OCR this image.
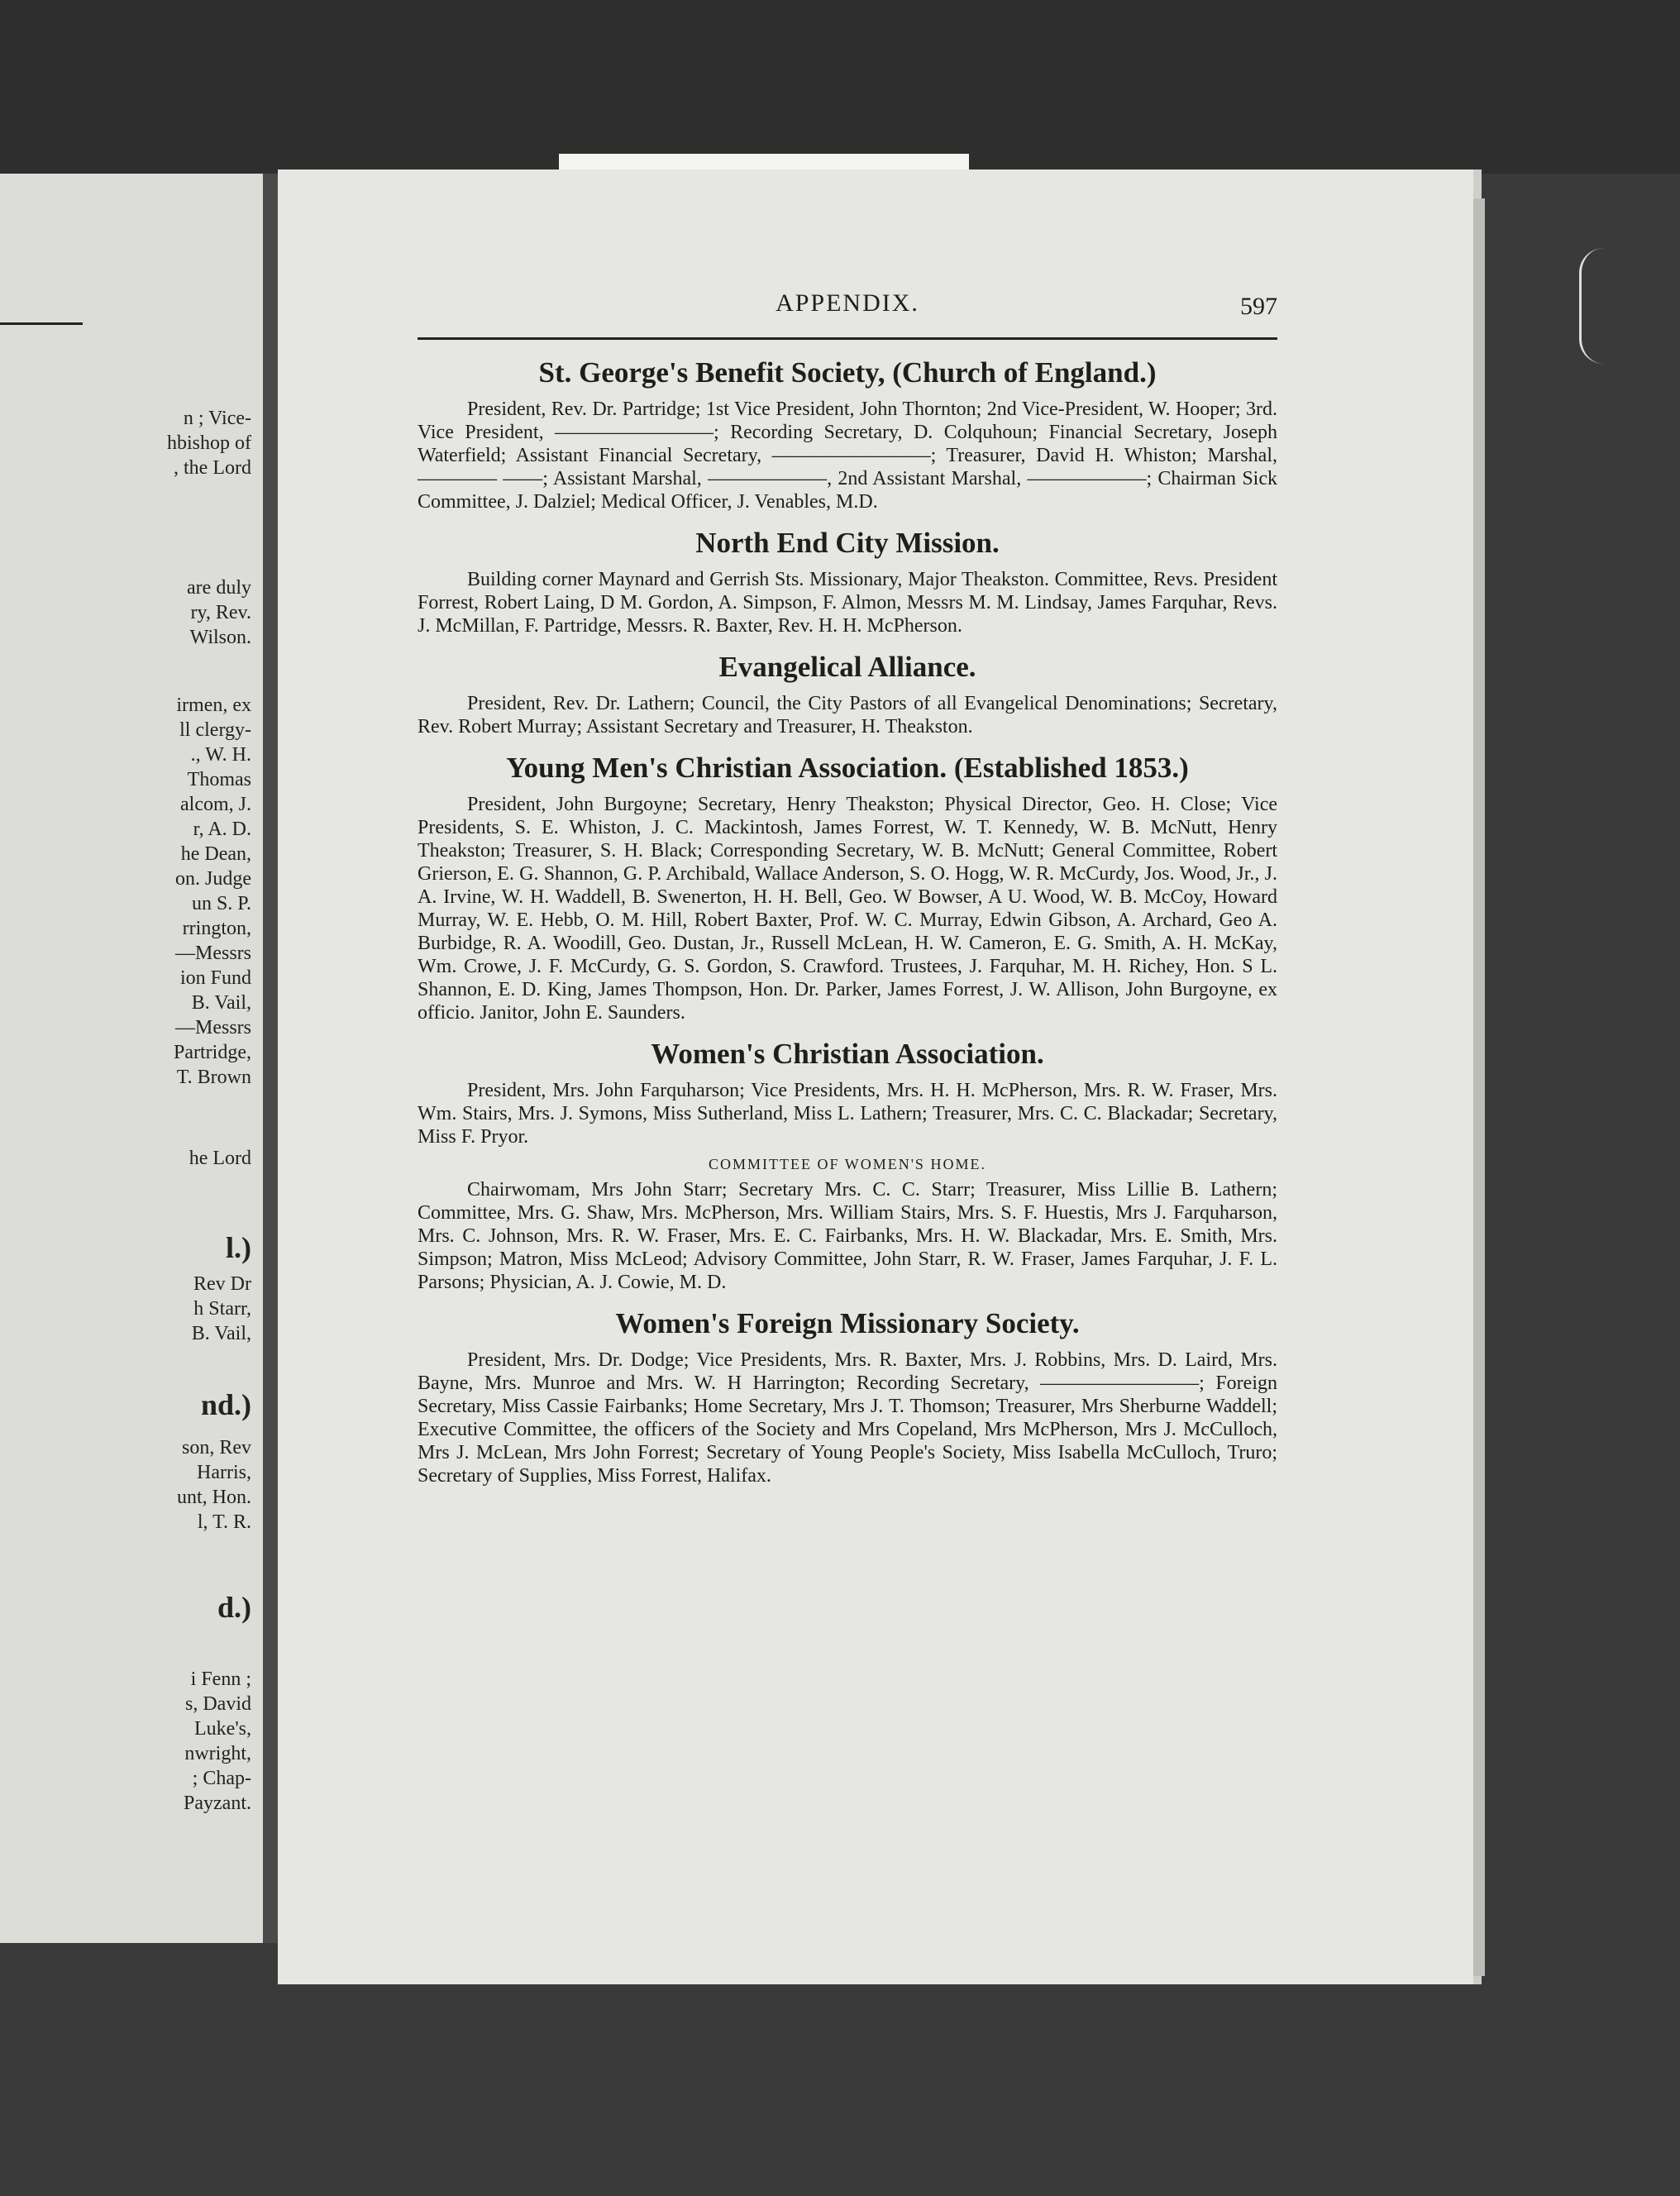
n ; Vice-
hbishop of
, the Lord
are duly
ry, Rev.
Wilson.
irmen, ex
ll clergy-
., W. H.
Thomas
alcom, J.
r, A. D.
he Dean,
on. Judge
un S. P.
rrington,
—Messrs
ion Fund
B. Vail,
—Messrs
Partridge,
T. Brown
he Lord
l.)
Rev Dr
h Starr,
B. Vail,
nd.)
son, Rev
Harris,
unt, Hon.
l, T. R.
d.)
i Fenn ;
s, David
Luke's,
nwright,
; Chap-
Payzant.
APPENDIX.	597
St. George's Benefit Society, (Church of England.)

President, Rev. Dr. Partridge; 1st Vice President, John Thornton; 2nd Vice-President, W. Hooper; 3rd. Vice President, ————————; Recording Secretary, D. Colquhoun; Financial Secretary, Joseph Waterfield; Assistant Financial Secretary, ————————; Treasurer, David H. Whiston; Marshal, ———— ——; Assistant Marshal, ——————, 2nd Assistant Marshal, ——————; Chairman Sick Committee, J. Dalziel; Medical Officer, J. Venables, M.D.

North End City Mission.

Building corner Maynard and Gerrish Sts. Missionary, Major Theakston. Committee, Revs. President Forrest, Robert Laing, D M. Gordon, A. Simpson, F. Almon, Messrs M. M. Lindsay, James Farquhar, Revs. J. McMillan, F. Partridge, Messrs. R. Baxter, Rev. H. H. McPherson.

Evangelical Alliance.

President, Rev. Dr. Lathern; Council, the City Pastors of all Evangelical Denominations; Secretary, Rev. Robert Murray; Assistant Secretary and Treasurer, H. Theakston.

Young Men's Christian Association. (Established 1853.)

President, John Burgoyne; Secretary, Henry Theakston; Physical Director, Geo. H. Close; Vice Presidents, S. E. Whiston, J. C. Mackintosh, James Forrest, W. T. Kennedy, W. B. McNutt, Henry Theakston; Treasurer, S. H. Black; Corresponding Secretary, W. B. McNutt; General Committee, Robert Grierson, E. G. Shannon, G. P. Archibald, Wallace Anderson, S. O. Hogg, W. R. McCurdy, Jos. Wood, Jr., J. A. Irvine, W. H. Waddell, B. Swenerton, H. H. Bell, Geo. W Bowser, A U. Wood, W. B. McCoy, Howard Murray, W. E. Hebb, O. M. Hill, Robert Baxter, Prof. W. C. Murray, Edwin Gibson, A. Archard, Geo A. Burbidge, R. A. Woodill, Geo. Dustan, Jr., Russell McLean, H. W. Cameron, E. G. Smith, A. H. McKay, Wm. Crowe, J. F. McCurdy, G. S. Gordon, S. Crawford. Trustees, J. Farquhar, M. H. Richey, Hon. S L. Shannon, E. D. King, James Thompson, Hon. Dr. Parker, James Forrest, J. W. Allison, John Burgoyne, ex officio. Janitor, John E. Saunders.

Women's Christian Association.

President, Mrs. John Farquharson; Vice Presidents, Mrs. H. H. McPherson, Mrs. R. W. Fraser, Mrs. Wm. Stairs, Mrs. J. Symons, Miss Sutherland, Miss L. Lathern; Treasurer, Mrs. C. C. Blackadar; Secretary, Miss F. Pryor.

COMMITTEE OF WOMEN'S HOME.

Chairwomam, Mrs John Starr; Secretary Mrs. C. C. Starr; Treasurer, Miss Lillie B. Lathern; Committee, Mrs. G. Shaw, Mrs. McPherson, Mrs. William Stairs, Mrs. S. F. Huestis, Mrs J. Farquharson, Mrs. C. Johnson, Mrs. R. W. Fraser, Mrs. E. C. Fairbanks, Mrs. H. W. Blackadar, Mrs. E. Smith, Mrs. Simpson; Matron, Miss McLeod; Advisory Committee, John Starr, R. W. Fraser, James Farquhar, J. F. L. Parsons; Physician, A. J. Cowie, M. D.

Women's Foreign Missionary Society.

President, Mrs. Dr. Dodge; Vice Presidents, Mrs. R. Baxter, Mrs. J. Robbins, Mrs. D. Laird, Mrs. Bayne, Mrs. Munroe and Mrs. W. H Harrington; Recording Secretary, ————————; Foreign Secretary, Miss Cassie Fairbanks; Home Secretary, Mrs J. T. Thomson; Treasurer, Mrs Sherburne Waddell; Executive Committee, the officers of the Society and Mrs Copeland, Mrs McPherson, Mrs J. McCulloch, Mrs J. McLean, Mrs John Forrest; Secretary of Young People's Society, Miss Isabella McCulloch, Truro; Secretary of Supplies, Miss Forrest, Halifax.
